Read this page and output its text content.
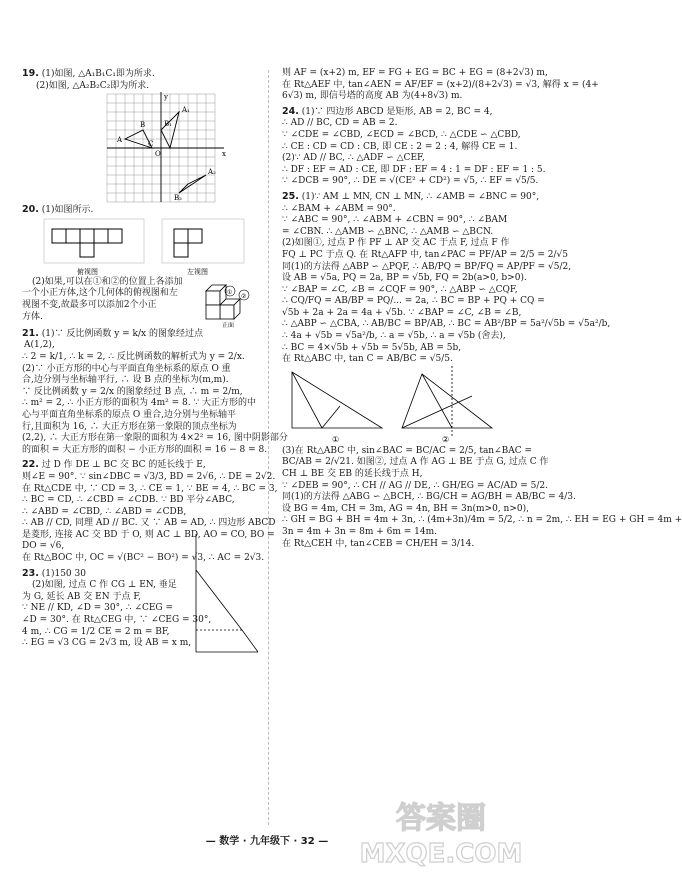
19. (1)如图, △A₁B₁C₁即为所求.
(2)如图, △A₂B₂C₂即为所求.
B
A	C
O
B₁
A₁
A₂
B₂
x
y
20. (1)如图所示.
俯视图	左视图
(2)如果,可以在①和②的位置上各添加
一个小正方体,这个几何体的俯视图和左
视图不变,故最多可以添加2个小正
方体.
①
②
正面
21. (1)∵ 反比例函数 y = k/x 的图象经过点
A(1,2),
∴ 2 = k/1, ∴ k = 2, ∴ 反比例函数的解析式为 y = 2/x.
(2)∵ 小正方形的中心与平面直角坐标系的原点 O 重
合,边分别与坐标轴平行, ∴ 设 B 点的坐标为(m,m).
∵ 反比例函数 y = 2/x 的图象经过 B 点, ∴ m = 2/m,
∴ m² = 2, ∴ 小正方形的面积为 4m² = 8. ∵ 大正方形的中
心与平面直角坐标系的原点 O 重合,边分别与坐标轴平
行,且面积为 16, ∴ 大正方形在第一象限的顶点坐标为
(2,2), ∴ 大正方形在第一象限的面积为 4×2² = 16, 图中阴影部分
的面积 = 大正方形的面积 − 小正方形的面积 = 16 − 8 = 8.
22. 过 D 作 DE ⊥ BC 交 BC 的延长线于 E,
则∠E = 90°. ∵ sin∠DBC = √3/3, BD = 2√6, ∴ DE = 2√2.
在 Rt△CDE 中, ∵ CD = 3, ∴ CE = 1, ∵ BE = 4, ∴ BC = 3,
∴ BC = CD, ∴ ∠CBD = ∠CDB. ∵ BD 平分∠ABC,
∴ ∠ABD = ∠CBD, ∴ ∠ABD = ∠CDB,
∴ AB // CD, 同理 AD // BC. 又 ∵ AB = AD, ∴ 四边形 ABCD
是菱形, 连接 AC 交 BD 于 O, 则 AC ⊥ BD, AO = CO, BO =
DO = √6,
在 Rt△BOC 中, OC = √(BC² − BO²) = √3, ∴ AC = 2√3.
23. (1)150 30
(2)如图, 过点 C 作 CG ⊥ EN, 垂足
为 G, 延长 AB 交 EN 于点 F,
∵ NE // KD, ∠D = 30°, ∴ ∠CEG =
∠D = 30°. 在 Rt△CEG 中, ∵ ∠CEG = 30°,
4 m, ∴ CG = 1/2 CE = 2 m = BF,
∴ EG = √3 CG = 2√3 m, 设 AB = x m,
则 AF = (x+2) m, EF = FG + EG = BC + EG = (8+2√3) m,
在 Rt△AEF 中, tan∠AEN = AF/EF = (x+2)/(8+2√3) = √3, 解得 x = (4+
6√3) m, 即信号塔的高度 AB 为(4+8√3) m.
24. (1)∵ 四边形 ABCD 是矩形, AB = 2, BC = 4,
∴ AD // BC, CD = AB = 2.
∵ ∠CDE = ∠CBD, ∠ECD = ∠BCD, ∴ △CDE ∽ △CBD,
∴ CE : CD = CD : CB, 即 CE : 2 = 2 : 4, 解得 CE = 1.
(2)∵ AD // BC, ∴ △ADF ∽ △CEF,
∴ DF : EF = AD : CE, 即 DF : EF = 4 : 1 = DF : EF = 1 : 5.
∵ ∠DCB = 90°, ∴ DE = √(CE² + CD²) = √5, ∴ EF = √5/5.
25. (1)∵ AM ⊥ MN, CN ⊥ MN, ∴ ∠AMB = ∠BNC = 90°,
∴ ∠BAM + ∠ABM = 90°.
∵ ∠ABC = 90°, ∴ ∠ABM + ∠CBN = 90°, ∴ ∠BAM
= ∠CBN. ∴ △AMB ∽ △BNC, ∴ △AMB ∽ △BCN.
(2)如图①, 过点 P 作 PF ⊥ AP 交 AC 于点 F, 过点 F 作
FQ ⊥ PC 于点 Q. 在 Rt△AFP 中, tan∠PAC = PF/AP = 2/5 = 2/√5
同(1)的方法得 △ABP ∽ △PQF, ∴ AB/PQ = BP/FQ = AP/PF = √5/2,
设 AB = √5a, PQ = 2a, BP = √5b, FQ = 2b(a>0, b>0).
∵ ∠BAP = ∠C, ∠B = ∠CQF = 90°, ∴ △ABP ∽ △CQF,
∴ CQ/FQ = AB/BP = PQ/... = 2a, ∴ BC = BP + PQ + CQ =
√5b + 2a + 2a = 4a + √5b. ∵ ∠BAP = ∠C, ∠B = ∠B,
∴ △ABP ∽ △CBA, ∴ AB/BC = BP/AB, ∴ BC = AB²/BP = 5a²/√5b = √5a²/b,
∴ 4a + √5b = √5a²/b, ∴ a = √5b, ∴ a = √5b (舍去),
∴ BC = 4×√5b + √5b = 5√5b, AB = 5b,
在 Rt△ABC 中, tan C = AB/BC = √5/5.
①	②
(3)在 Rt△ABC 中, sin∠BAC = BC/AC = 2/5, tan∠BAC =
BC/AB = 2/√21. 如图②, 过点 A 作 AG ⊥ BE 于点 G, 过点 C 作
CH ⊥ BE 交 EB 的延长线于点 H,
∵ ∠DEB = 90°, ∴ CH // AG // DE, ∴ GH/EG = AC/AD = 5/2.
同(1)的方法得 △ABG ∽ △BCH, ∴ BG/CH = AG/BH = AB/BC = 4/3.
设 BG = 4m, CH = 3m, AG = 4n, BH = 3n(m>0, n>0),
∴ GH = BG + BH = 4m + 3n, ∴ (4m+3n)/4m = 5/2, ∴ n = 2m, ∴ EH = EG + GH = 4m +
3n = 4m + 3n = 8m + 6m = 14m.
在 Rt△CEH 中, tan∠CEB = CH/EH = 3/14.
— 数学 · 九年级下 · 32 —
答案圈
MXQE.COM
